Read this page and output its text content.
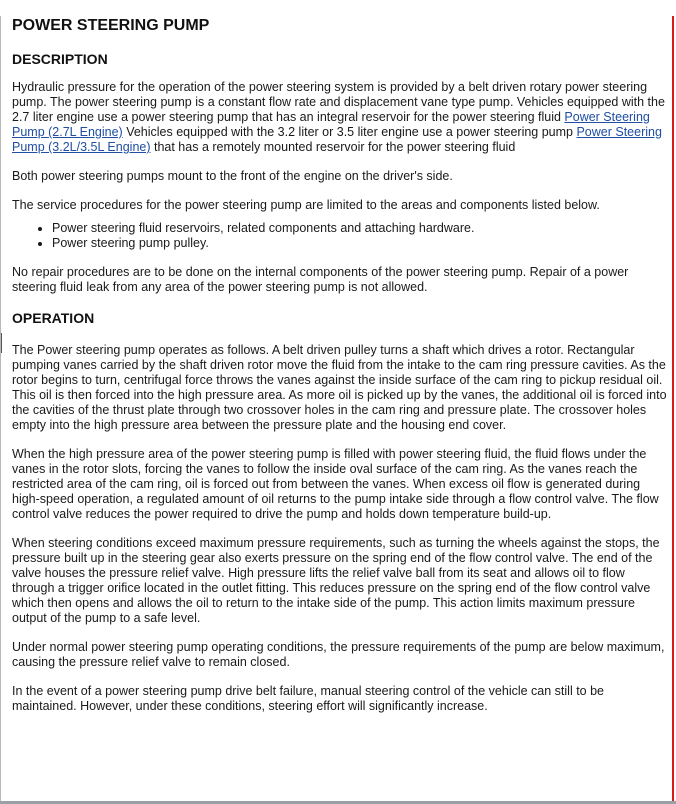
POWER STEERING PUMP
DESCRIPTION

Hydraulic pressure for the operation of the power steering system is provided by a belt driven rotary power steering pump. The power steering pump is a constant flow rate and displacement vane type pump. Vehicles equipped with the 2.7 liter engine use a power steering pump that has an integral reservoir for the power steering fluid Power Steering Pump (2.7L Engine) Vehicles equipped with the 3.2 liter or 3.5 liter engine use a power steering pump Power Steering Pump (3.2L/3.5L Engine) that has a remotely mounted reservoir for the power steering fluid

Both power steering pumps mount to the front of the engine on the driver's side.

The service procedures for the power steering pump are limited to the areas and components listed below.

• Power steering fluid reservoirs, related components and attaching hardware.
• Power steering pump pulley.

No repair procedures are to be done on the internal components of the power steering pump. Repair of a power steering fluid leak from any area of the power steering pump is not allowed.

OPERATION

The Power steering pump operates as follows. A belt driven pulley turns a shaft which drives a rotor. Rectangular pumping vanes carried by the shaft driven rotor move the fluid from the intake to the cam ring pressure cavities. As the rotor begins to turn, centrifugal force throws the vanes against the inside surface of the cam ring to pickup residual oil. This oil is then forced into the high pressure area. As more oil is picked up by the vanes, the additional oil is forced into the cavities of the thrust plate through two crossover holes in the cam ring and pressure plate. The crossover holes empty into the high pressure area between the pressure plate and the housing end cover.

When the high pressure area of the power steering pump is filled with power steering fluid, the fluid flows under the vanes in the rotor slots, forcing the vanes to follow the inside oval surface of the cam ring. As the vanes reach the restricted area of the cam ring, oil is forced out from between the vanes. When excess oil flow is generated during high-speed operation, a regulated amount of oil returns to the pump intake side through a flow control valve. The flow control valve reduces the power required to drive the pump and holds down temperature build-up.

When steering conditions exceed maximum pressure requirements, such as turning the wheels against the stops, the pressure built up in the steering gear also exerts pressure on the spring end of the flow control valve. The end of the valve houses the pressure relief valve. High pressure lifts the relief valve ball from its seat and allows oil to flow through a trigger orifice located in the outlet fitting. This reduces pressure on the spring end of the flow control valve which then opens and allows the oil to return to the intake side of the pump. This action limits maximum pressure output of the pump to a safe level.

Under normal power steering pump operating conditions, the pressure requirements of the pump are below maximum, causing the pressure relief valve to remain closed.

In the event of a power steering pump drive belt failure, manual steering control of the vehicle can still to be maintained. However, under these conditions, steering effort will significantly increase.
